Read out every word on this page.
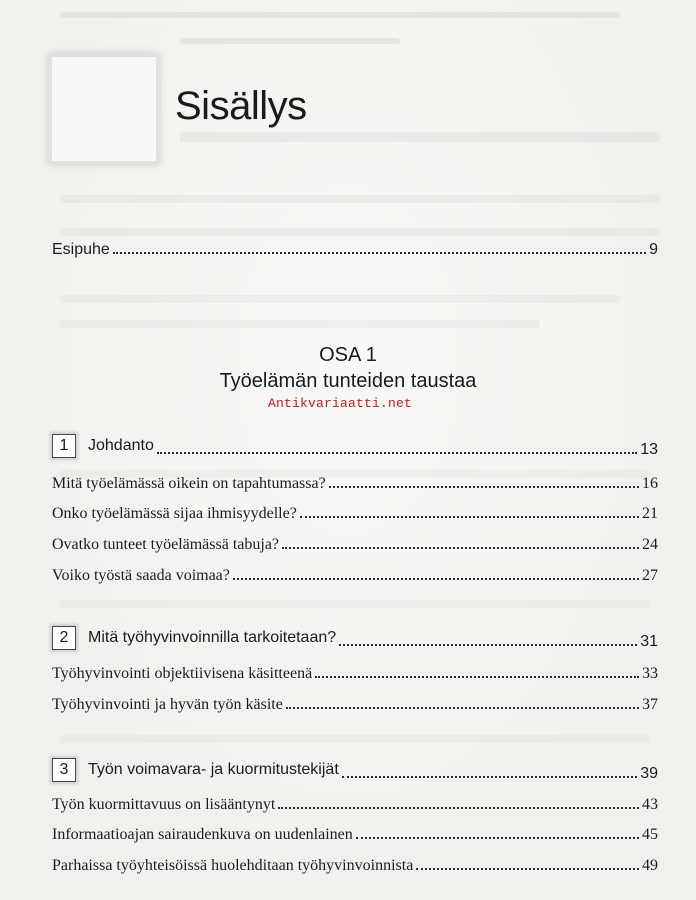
Sisällys
Esipuhe	9
OSA 1
Työelämän tunteiden taustaa
Antikvariaatti.net
1	Johdanto	13
Mitä työelämässä oikein on tapahtumassa?	16
Onko työelämässä sijaa ihmisyydelle?	21
Ovatko tunteet työelämässä tabuja?	24
Voiko työstä saada voimaa?	27
2	Mitä työhyvinvoinnilla tarkoitetaan?	31
Työhyvinvointi objektiivisena käsitteenä	33
Työhyvinvointi ja hyvän työn käsite	37
3	Työn voimavara- ja kuormitustekijät	39
Työn kuormittavuus on lisääntynyt	43
Informaatioajan sairaudenkuva on uudenlainen	45
Parhaissa työyhteisöissä huolehditaan työhyvinvoinnista	49
